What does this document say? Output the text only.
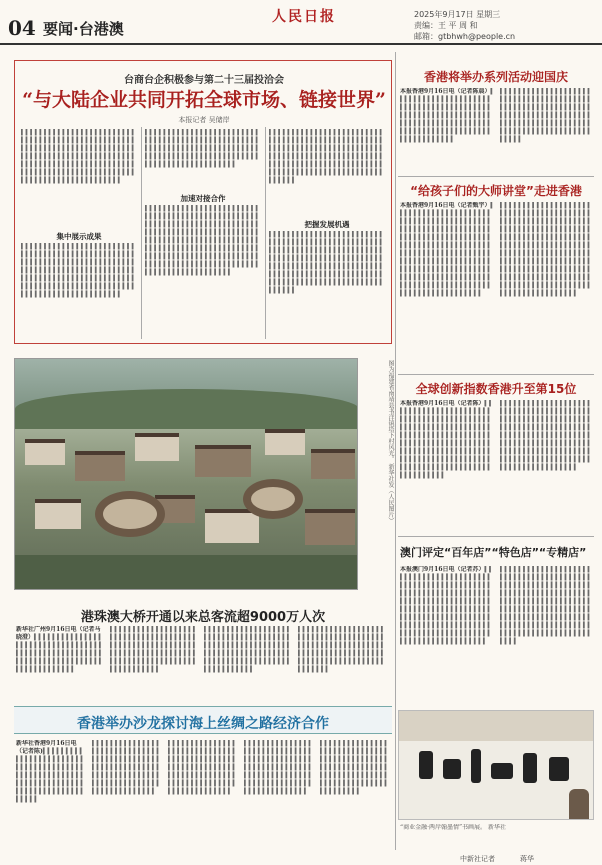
04 要闻·台港澳
人民日报	2025年9月17日 星期三
责编：王 平 周 和
邮箱：gtbhwh@people.cn
台商台企积极参与第二十三届投洽会
“与大陆企业共同开拓全球市场、链接世界”
本报记者 吴储岸
▍▍▍▍▍▍▍▍▍▍▍▍▍▍▍▍▍▍▍▍▍▍▍▍▍▍▍▍▍▍▍▍▍▍▍▍▍▍▍▍▍▍▍▍▍▍▍▍▍▍▍▍▍▍▍▍▍▍▍▍▍▍▍▍▍▍▍▍▍▍▍▍▍▍▍▍▍▍▍▍▍▍▍▍▍▍▍▍▍▍▍▍▍▍▍▍▍▍▍▍▍▍▍▍▍▍▍▍▍▍▍▍▍▍▍▍▍▍▍▍▍▍▍▍▍▍▍▍▍▍▍▍▍▍▍▍▍▍▍▍▍▍▍▍▍▍▍▍▍▍▍▍▍▍▍▍▍▍▍▍▍▍▍▍▍▍▍▍▍▍▍▍
集中展示成果
▍▍▍▍▍▍▍▍▍▍▍▍▍▍▍▍▍▍▍▍▍▍▍▍▍▍▍▍▍▍▍▍▍▍▍▍▍▍▍▍▍▍▍▍▍▍▍▍▍▍▍▍▍▍▍▍▍▍▍▍▍▍▍▍▍▍▍▍▍▍▍▍▍▍▍▍▍▍▍▍▍▍▍▍▍▍▍▍▍▍▍▍▍▍▍▍▍▍▍▍▍▍▍▍▍▍▍▍▍▍▍▍▍▍▍▍▍▍▍▍▍▍▍▍▍▍▍▍▍▍▍▍▍▍▍▍▍▍▍▍▍▍▍▍▍▍▍▍▍▍▍▍▍▍▍▍▍▍▍▍▍▍▍▍▍▍▍▍▍▍▍▍
▍▍▍▍▍▍▍▍▍▍▍▍▍▍▍▍▍▍▍▍▍▍▍▍▍▍▍▍▍▍▍▍▍▍▍▍▍▍▍▍▍▍▍▍▍▍▍▍▍▍▍▍▍▍▍▍▍▍▍▍▍▍▍▍▍▍▍▍▍▍▍▍▍▍▍▍▍▍▍▍▍▍▍▍▍▍▍▍▍▍▍▍▍▍▍▍▍▍▍▍▍▍▍▍▍▍▍▍▍▍▍▍▍▍▍▍▍▍▍▍
加速对接合作
▍▍▍▍▍▍▍▍▍▍▍▍▍▍▍▍▍▍▍▍▍▍▍▍▍▍▍▍▍▍▍▍▍▍▍▍▍▍▍▍▍▍▍▍▍▍▍▍▍▍▍▍▍▍▍▍▍▍▍▍▍▍▍▍▍▍▍▍▍▍▍▍▍▍▍▍▍▍▍▍▍▍▍▍▍▍▍▍▍▍▍▍▍▍▍▍▍▍▍▍▍▍▍▍▍▍▍▍▍▍▍▍▍▍▍▍▍▍▍▍▍▍▍▍▍▍▍▍▍▍▍▍▍▍▍▍▍▍▍▍▍▍▍▍▍▍▍▍▍▍▍▍▍▍▍▍▍▍▍▍▍▍▍▍▍▍▍▍▍▍▍▍▍▍▍▍▍▍▍▍▍▍▍▍▍▍▍▍▍▍▍▍▍▍▍▍▍▍▍▍▍▍▍▍▍▍▍▍▍▍▍▍▍▍▍▍▍▍▍
▍▍▍▍▍▍▍▍▍▍▍▍▍▍▍▍▍▍▍▍▍▍▍▍▍▍▍▍▍▍▍▍▍▍▍▍▍▍▍▍▍▍▍▍▍▍▍▍▍▍▍▍▍▍▍▍▍▍▍▍▍▍▍▍▍▍▍▍▍▍▍▍▍▍▍▍▍▍▍▍▍▍▍▍▍▍▍▍▍▍▍▍▍▍▍▍▍▍▍▍▍▍▍▍▍▍▍▍▍▍▍▍▍▍▍▍▍▍▍▍▍▍▍▍▍▍▍▍▍▍▍▍▍▍▍▍▍▍▍▍▍▍▍▍▍▍▍▍▍▍▍▍▍▍▍▍
把握发展机遇
▍▍▍▍▍▍▍▍▍▍▍▍▍▍▍▍▍▍▍▍▍▍▍▍▍▍▍▍▍▍▍▍▍▍▍▍▍▍▍▍▍▍▍▍▍▍▍▍▍▍▍▍▍▍▍▍▍▍▍▍▍▍▍▍▍▍▍▍▍▍▍▍▍▍▍▍▍▍▍▍▍▍▍▍▍▍▍▍▍▍▍▍▍▍▍▍▍▍▍▍▍▍▍▍▍▍▍▍▍▍▍▍▍▍▍▍▍▍▍▍▍▍▍▍▍▍▍▍▍▍▍▍▍▍▍▍▍▍▍▍▍▍▍▍▍▍▍▍▍▍▍▍▍▍▍▍▍▍▍▍▍▍▍▍▍▍▍▍▍▍▍▍▍▍▍▍▍▍▍▍▍
香港将举办系列活动迎国庆
本报香港9月16日电（记者陈晨）▍▍▍▍▍▍▍▍▍▍▍▍▍▍▍▍▍▍▍▍▍▍▍▍▍▍▍▍▍▍▍▍▍▍▍▍▍▍▍▍▍▍▍▍▍▍▍▍▍▍▍▍▍▍▍▍▍▍▍▍▍▍▍▍▍▍▍▍▍▍▍▍▍▍▍▍▍▍▍▍▍▍▍▍▍▍▍▍▍▍▍▍▍▍▍▍▍▍▍▍▍▍▍▍▍▍▍▍▍▍▍▍▍
▍▍▍▍▍▍▍▍▍▍▍▍▍▍▍▍▍▍▍▍▍▍▍▍▍▍▍▍▍▍▍▍▍▍▍▍▍▍▍▍▍▍▍▍▍▍▍▍▍▍▍▍▍▍▍▍▍▍▍▍▍▍▍▍▍▍▍▍▍▍▍▍▍▍▍▍▍▍▍▍▍▍▍▍▍▍▍▍▍▍▍▍▍▍▍▍▍▍▍▍▍▍▍▍▍▍▍▍▍▍▍▍▍▍▍▍▍▍▍▍▍▍▍▍▍
“给孩子们的大师讲堂”走进香港
本报香港9月16日电（记者甄宇）▍▍▍▍▍▍▍▍▍▍▍▍▍▍▍▍▍▍▍▍▍▍▍▍▍▍▍▍▍▍▍▍▍▍▍▍▍▍▍▍▍▍▍▍▍▍▍▍▍▍▍▍▍▍▍▍▍▍▍▍▍▍▍▍▍▍▍▍▍▍▍▍▍▍▍▍▍▍▍▍▍▍▍▍▍▍▍▍▍▍▍▍▍▍▍▍▍▍▍▍▍▍▍▍▍▍▍▍▍▍▍▍▍▍▍▍▍▍▍▍▍▍▍▍▍▍▍▍▍▍▍▍▍▍▍▍▍▍▍▍▍▍▍▍▍▍▍▍▍▍▍▍▍▍▍▍▍▍▍▍▍▍▍▍▍▍▍▍▍▍▍▍▍▍▍▍▍▍▍▍▍▍▍▍▍▍▍▍▍▍▍▍▍▍▍▍▍▍▍▍▍▍▍▍▍▍▍▍▍▍▍▍▍▍▍▍▍▍▍
▍▍▍▍▍▍▍▍▍▍▍▍▍▍▍▍▍▍▍▍▍▍▍▍▍▍▍▍▍▍▍▍▍▍▍▍▍▍▍▍▍▍▍▍▍▍▍▍▍▍▍▍▍▍▍▍▍▍▍▍▍▍▍▍▍▍▍▍▍▍▍▍▍▍▍▍▍▍▍▍▍▍▍▍▍▍▍▍▍▍▍▍▍▍▍▍▍▍▍▍▍▍▍▍▍▍▍▍▍▍▍▍▍▍▍▍▍▍▍▍▍▍▍▍▍▍▍▍▍▍▍▍▍▍▍▍▍▍▍▍▍▍▍▍▍▍▍▍▍▍▍▍▍▍▍▍▍▍▍▍▍▍▍▍▍▍▍▍▍▍▍▍▍▍▍▍▍▍▍▍▍▍▍▍▍▍▍▍▍▍▍▍▍▍▍▍▍▍▍▍▍▍▍▍▍▍▍▍▍▍▍▍▍▍▍▍▍▍▍▍▍▍▍▍▍▍▍▍▍▍▍▍▍▍▍▍▍
全球创新指数香港升至第15位
本报香港9月16日电（记者陈）▍▍▍▍▍▍▍▍▍▍▍▍▍▍▍▍▍▍▍▍▍▍▍▍▍▍▍▍▍▍▍▍▍▍▍▍▍▍▍▍▍▍▍▍▍▍▍▍▍▍▍▍▍▍▍▍▍▍▍▍▍▍▍▍▍▍▍▍▍▍▍▍▍▍▍▍▍▍▍▍▍▍▍▍▍▍▍▍▍▍▍▍▍▍▍▍▍▍▍▍▍▍▍▍▍▍▍▍▍▍▍▍▍▍▍▍▍▍▍▍▍▍▍▍▍▍▍▍▍▍▍▍▍▍▍▍▍▍▍▍▍▍▍▍▍▍▍▍▍▍▍▍▍▍▍▍▍▍▍▍▍▍▍▍▍▍▍▍▍▍▍▍
▍▍▍▍▍▍▍▍▍▍▍▍▍▍▍▍▍▍▍▍▍▍▍▍▍▍▍▍▍▍▍▍▍▍▍▍▍▍▍▍▍▍▍▍▍▍▍▍▍▍▍▍▍▍▍▍▍▍▍▍▍▍▍▍▍▍▍▍▍▍▍▍▍▍▍▍▍▍▍▍▍▍▍▍▍▍▍▍▍▍▍▍▍▍▍▍▍▍▍▍▍▍▍▍▍▍▍▍▍▍▍▍▍▍▍▍▍▍▍▍▍▍▍▍▍▍▍▍▍▍▍▍▍▍▍▍▍▍▍▍▍▍▍▍▍▍▍▍▍▍▍▍▍▍▍▍▍▍▍▍▍▍▍▍▍▍▍▍▍▍▍▍▍▍▍▍▍
澳门评定“百年店”“特色店”“专精店”
本报澳门9月16日电（记者苏）▍▍▍▍▍▍▍▍▍▍▍▍▍▍▍▍▍▍▍▍▍▍▍▍▍▍▍▍▍▍▍▍▍▍▍▍▍▍▍▍▍▍▍▍▍▍▍▍▍▍▍▍▍▍▍▍▍▍▍▍▍▍▍▍▍▍▍▍▍▍▍▍▍▍▍▍▍▍▍▍▍▍▍▍▍▍▍▍▍▍▍▍▍▍▍▍▍▍▍▍▍▍▍▍▍▍▍▍▍▍▍▍▍▍▍▍▍▍▍▍▍▍▍▍▍▍▍▍▍▍▍▍▍▍▍▍▍▍▍▍▍▍▍▍▍▍▍▍▍▍▍▍▍▍▍▍▍▍▍▍▍▍▍▍▍▍▍▍▍▍▍▍▍▍▍▍▍▍▍▍▍
▍▍▍▍▍▍▍▍▍▍▍▍▍▍▍▍▍▍▍▍▍▍▍▍▍▍▍▍▍▍▍▍▍▍▍▍▍▍▍▍▍▍▍▍▍▍▍▍▍▍▍▍▍▍▍▍▍▍▍▍▍▍▍▍▍▍▍▍▍▍▍▍▍▍▍▍▍▍▍▍▍▍▍▍▍▍▍▍▍▍▍▍▍▍▍▍▍▍▍▍▍▍▍▍▍▍▍▍▍▍▍▍▍▍▍▍▍▍▍▍▍▍▍▍▍▍▍▍▍▍▍▍▍▍▍▍▍▍▍▍▍▍▍▍▍▍▍▍▍▍▍▍▍▍▍▍▍▍▍▍▍▍▍▍▍▍▍▍▍▍▍▍▍▍▍▍▍▍▍▍▍▍▍▍
图为福建省南靖县书洋镇塔下村风光。 新华社发（人民图片）
港珠澳大桥开通以来总客流超9000万人次
新华社广州9月16日电（记者马晓澄）▍▍▍▍▍▍▍▍▍▍▍▍▍▍▍▍▍▍▍▍▍▍▍▍▍▍▍▍▍▍▍▍▍▍▍▍▍▍▍▍▍▍▍▍▍▍▍▍▍▍▍▍▍▍▍▍▍▍▍▍▍▍▍▍▍▍▍▍▍▍▍▍▍▍▍▍▍▍▍▍▍▍▍▍▍
▍▍▍▍▍▍▍▍▍▍▍▍▍▍▍▍▍▍▍▍▍▍▍▍▍▍▍▍▍▍▍▍▍▍▍▍▍▍▍▍▍▍▍▍▍▍▍▍▍▍▍▍▍▍▍▍▍▍▍▍▍▍▍▍▍▍▍▍▍▍▍▍▍▍▍▍▍▍▍▍▍▍▍▍▍▍▍▍▍▍▍▍▍▍▍▍▍▍▍▍▍▍▍▍▍▍
▍▍▍▍▍▍▍▍▍▍▍▍▍▍▍▍▍▍▍▍▍▍▍▍▍▍▍▍▍▍▍▍▍▍▍▍▍▍▍▍▍▍▍▍▍▍▍▍▍▍▍▍▍▍▍▍▍▍▍▍▍▍▍▍▍▍▍▍▍▍▍▍▍▍▍▍▍▍▍▍▍▍▍▍▍▍▍▍▍▍▍▍▍▍▍▍▍▍▍▍▍▍▍▍▍▍
▍▍▍▍▍▍▍▍▍▍▍▍▍▍▍▍▍▍▍▍▍▍▍▍▍▍▍▍▍▍▍▍▍▍▍▍▍▍▍▍▍▍▍▍▍▍▍▍▍▍▍▍▍▍▍▍▍▍▍▍▍▍▍▍▍▍▍▍▍▍▍▍▍▍▍▍▍▍▍▍▍▍▍▍▍▍▍▍▍▍▍▍▍▍▍▍▍▍▍▍▍▍
香港举办沙龙探讨海上丝绸之路经济合作
新华社香港9月16日电（记者陈)▍▍▍▍▍▍▍▍▍▍▍▍▍▍▍▍▍▍▍▍▍▍▍▍▍▍▍▍▍▍▍▍▍▍▍▍▍▍▍▍▍▍▍▍▍▍▍▍▍▍▍▍▍▍▍▍▍▍▍▍▍▍▍▍▍▍▍▍▍▍▍▍▍▍▍▍▍▍▍▍▍▍▍▍▍▍▍▍▍
▍▍▍▍▍▍▍▍▍▍▍▍▍▍▍▍▍▍▍▍▍▍▍▍▍▍▍▍▍▍▍▍▍▍▍▍▍▍▍▍▍▍▍▍▍▍▍▍▍▍▍▍▍▍▍▍▍▍▍▍▍▍▍▍▍▍▍▍▍▍▍▍▍▍▍▍▍▍▍▍▍▍▍▍▍▍▍▍▍▍▍▍▍▍▍▍▍▍▍▍▍▍▍▍
▍▍▍▍▍▍▍▍▍▍▍▍▍▍▍▍▍▍▍▍▍▍▍▍▍▍▍▍▍▍▍▍▍▍▍▍▍▍▍▍▍▍▍▍▍▍▍▍▍▍▍▍▍▍▍▍▍▍▍▍▍▍▍▍▍▍▍▍▍▍▍▍▍▍▍▍▍▍▍▍▍▍▍▍▍▍▍▍▍▍▍▍▍▍▍▍▍▍▍▍▍▍▍▍
▍▍▍▍▍▍▍▍▍▍▍▍▍▍▍▍▍▍▍▍▍▍▍▍▍▍▍▍▍▍▍▍▍▍▍▍▍▍▍▍▍▍▍▍▍▍▍▍▍▍▍▍▍▍▍▍▍▍▍▍▍▍▍▍▍▍▍▍▍▍▍▍▍▍▍▍▍▍▍▍▍▍▍▍▍▍▍▍▍▍▍▍▍▍▍▍▍▍▍▍▍▍▍▍
▍▍▍▍▍▍▍▍▍▍▍▍▍▍▍▍▍▍▍▍▍▍▍▍▍▍▍▍▍▍▍▍▍▍▍▍▍▍▍▍▍▍▍▍▍▍▍▍▍▍▍▍▍▍▍▍▍▍▍▍▍▍▍▍▍▍▍▍▍▍▍▍▍▍▍▍▍▍▍▍▍▍▍▍▍▍▍▍▍▍▍▍▍▍▍▍▍▍▍
“商业金融·两岸翰墨情”书画展。 新华社
中新社记者	蒋华
